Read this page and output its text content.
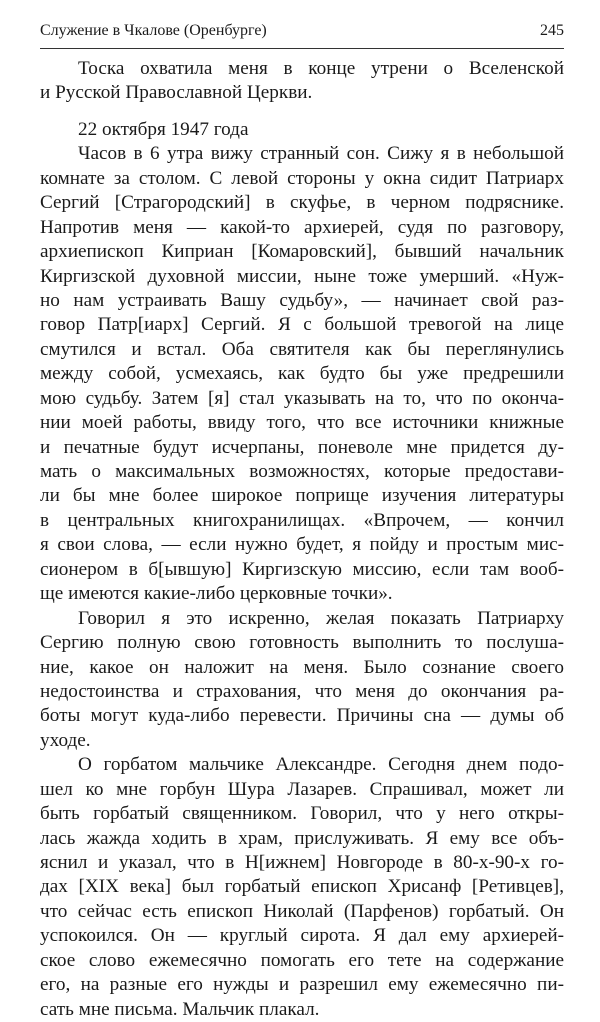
Служение в Чкалове (Оренбурге)	245
Тоска охватила меня в конце утрени о Вселенской
и Русской Православной Церкви.
22 октября 1947 года
Часов в 6 утра вижу странный сон. Сижу я в небольшой
комнате за столом. С левой стороны у окна сидит Патриарх
Сергий [Страгородский] в скуфье, в черном подряснике.
Напротив меня — какой-то архиерей, судя по разговору,
архиепископ Киприан [Комаровский], бывший начальник
Киргизской духовной миссии, ныне тоже умерший. «Нуж-
но нам устраивать Вашу судьбу», — начинает свой раз-
говор Патр[иарх] Сергий. Я с большой тревогой на лице
смутился и встал. Оба святителя как бы переглянулись
между собой, усмехаясь, как будто бы уже предрешили
мою судьбу. Затем [я] стал указывать на то, что по оконча-
нии моей работы, ввиду того, что все источники книжные
и печатные будут исчерпаны, поневоле мне придется ду-
мать о максимальных возможностях, которые предостави-
ли бы мне более широкое поприще изучения литературы
в центральных книгохранилищах. «Впрочем, — кончил
я свои слова, — если нужно будет, я пойду и простым мис-
сионером в б[ывшую] Киргизскую миссию, если там вооб-
ще имеются какие-либо церковные точки».
Говорил я это искренно, желая показать Патриарху
Сергию полную свою готовность выполнить то послуша-
ние, какое он наложит на меня. Было сознание своего
недостоинства и страхования, что меня до окончания ра-
боты могут куда-либо перевести. Причины сна — думы об
уходе.
О горбатом мальчике Александре. Сегодня днем подо-
шел ко мне горбун Шура Лазарев. Спрашивал, может ли
быть горбатый священником. Говорил, что у него откры-
лась жажда ходить в храм, прислуживать. Я ему все объ-
яснил и указал, что в Н[ижнем] Новгороде в 80-х-90-х го-
дах [XIX века] был горбатый епископ Хрисанф [Ретивцев],
что сейчас есть епископ Николай (Парфенов) горбатый. Он
успокоился. Он — круглый сирота. Я дал ему архиерей-
ское слово ежемесячно помогать его тете на содержание
его, на разные его нужды и разрешил ему ежемесячно пи-
сать мне письма. Мальчик плакал.
